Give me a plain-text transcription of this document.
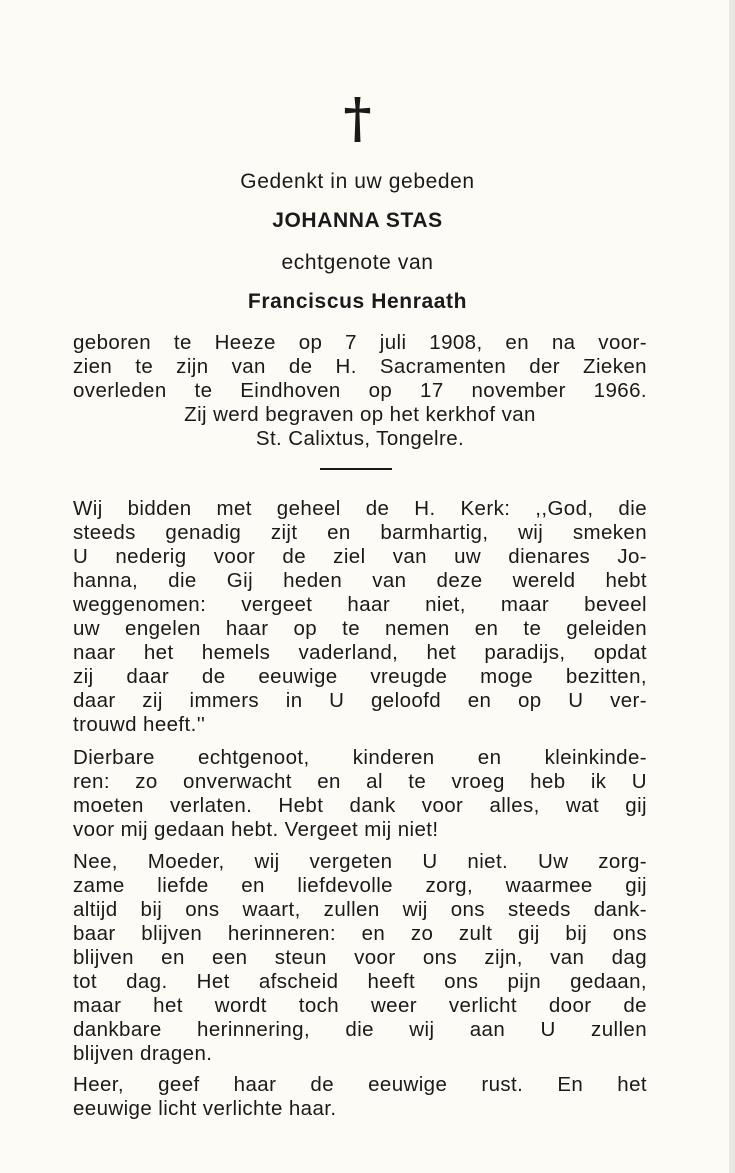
†
Gedenkt in uw gebeden
JOHANNA STAS
echtgenote van
Franciscus Henraath

geboren te Heeze op 7 juli 1908, en na voor-
zien te zijn van de H. Sacramenten der Zieken
overleden te Eindhoven op 17 november 1966.
Zij werd begraven op het kerkhof van
St. Calixtus, Tongelre.

Wij bidden met geheel de H. Kerk: ,,God, die
steeds genadig zijt en barmhartig, wij smeken
U nederig voor de ziel van uw dienares Jo-
hanna, die Gij heden van deze wereld hebt
weggenomen: vergeet haar niet, maar beveel
uw engelen haar op te nemen en te geleiden
naar het hemels vaderland, het paradijs, opdat
zij daar de eeuwige vreugde moge bezitten,
daar zij immers in U geloofd en op U ver-
trouwd heeft.''

Dierbare echtgenoot, kinderen en kleinkinde-
ren: zo onverwacht en al te vroeg heb ik U
moeten verlaten. Hebt dank voor alles, wat gij
voor mij gedaan hebt. Vergeet mij niet!

Nee, Moeder, wij vergeten U niet. Uw zorg-
zame liefde en liefdevolle zorg, waarmee gij
altijd bij ons waart, zullen wij ons steeds dank-
baar blijven herinneren: en zo zult gij bij ons
blijven en een steun voor ons zijn, van dag
tot dag. Het afscheid heeft ons pijn gedaan,
maar het wordt toch weer verlicht door de
dankbare herinnering, die wij aan U zullen
blijven dragen.

Heer, geef haar de eeuwige rust. En het
eeuwige licht verlichte haar.
